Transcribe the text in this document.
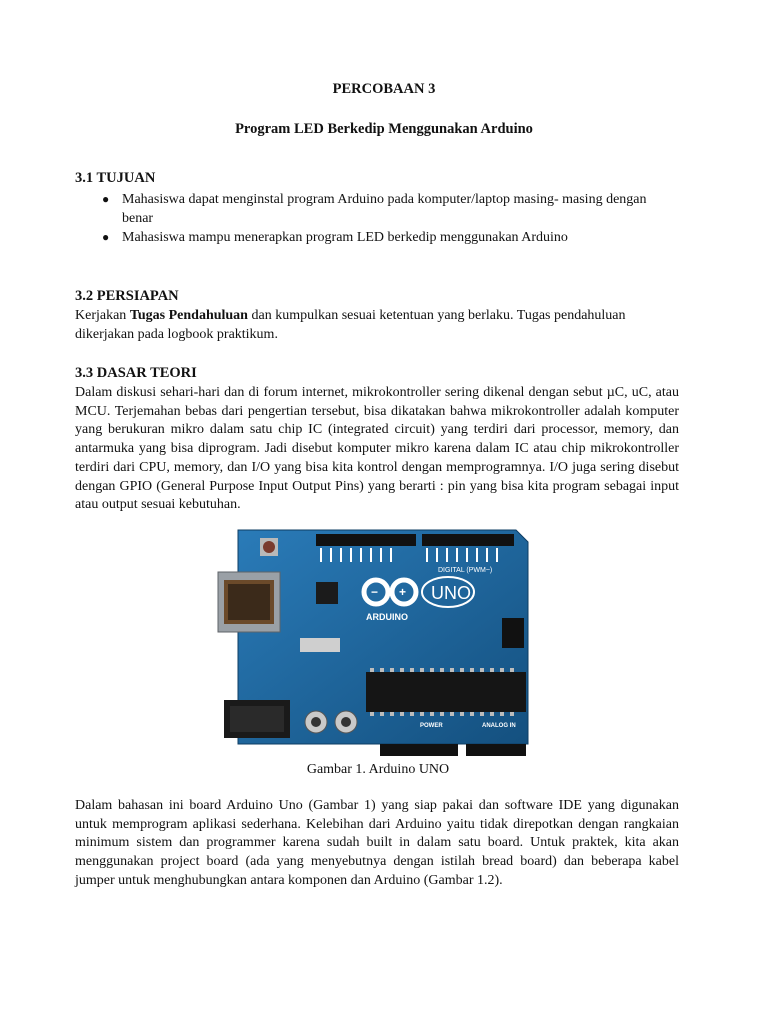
PERCOBAAN 3

Program LED Berkedip Menggunakan Arduino

3.1 TUJUAN

● Mahasiswa dapat menginstal program Arduino pada komputer/laptop masing- masing dengan benar
● Mahasiswa mampu menerapkan program LED berkedip menggunakan Arduino

3.2 PERSIAPAN

Kerjakan Tugas Pendahuluan dan kumpulkan sesuai ketentuan yang berlaku. Tugas pendahuluan dikerjakan pada logbook praktikum.

3.3 DASAR TEORI

Dalam diskusi sehari-hari dan di forum internet, mikrokontroller sering dikenal dengan sebut µC, uC, atau MCU. Terjemahan bebas dari pengertian tersebut, bisa dikatakan bahwa mikrokontroller adalah komputer yang berukuran mikro dalam satu chip IC (integrated circuit) yang terdiri dari processor, memory, dan antarmuka yang bisa diprogram. Jadi disebut komputer mikro karena dalam IC atau chip mikrokontroller terdiri dari CPU, memory, dan I/O yang bisa kita kontrol dengan memprogramnya. I/O juga sering disebut dengan GPIO (General Purpose Input Output Pins) yang berarti : pin yang bisa kita program sebagai input atau output sesuai kebutuhan.

DIGITAL (PWM~)
− +
ARDUINO
UNO
POWER	ANALOG IN

Gambar 1. Arduino UNO

Dalam bahasan ini board Arduino Uno (Gambar 1) yang siap pakai dan software IDE yang digunakan untuk memprogram aplikasi sederhana. Kelebihan dari Arduino yaitu tidak direpotkan dengan rangkaian minimum sistem dan programmer karena sudah built in dalam satu board. Untuk praktek, kita akan menggunakan project board (ada yang menyebutnya dengan istilah bread board) dan beberapa kabel jumper untuk menghubungkan antara komponen dan Arduino (Gambar 1.2).
